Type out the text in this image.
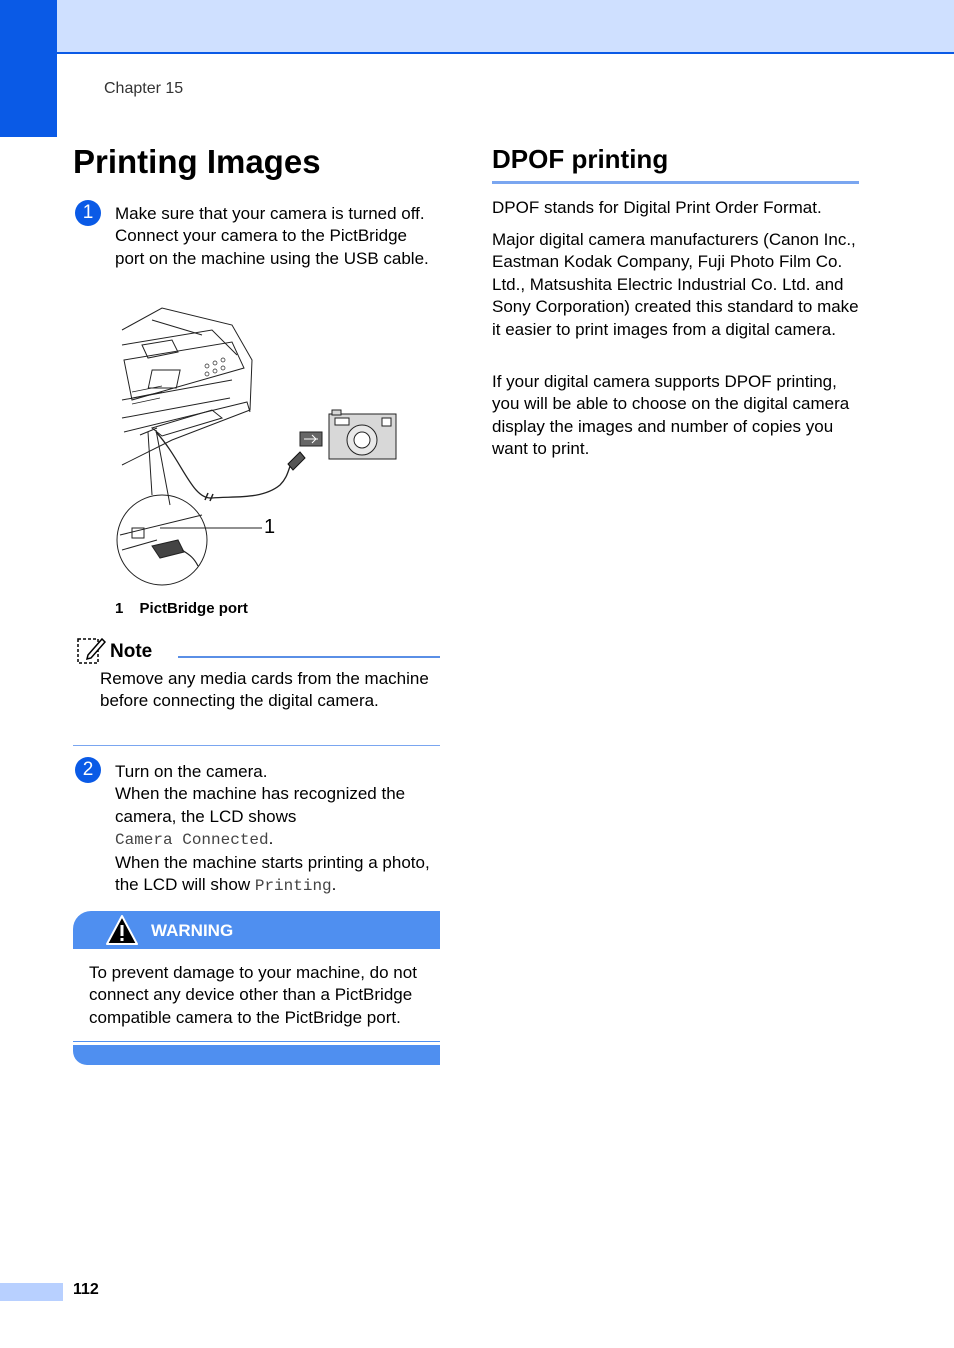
Chapter 15
Printing Images
1	Make sure that your camera is turned off. Connect your camera to the PictBridge port on the machine using the USB cable.
1
1 PictBridge port
Note
Remove any media cards from the machine before connecting the digital camera.
2	Turn on the camera.
When the machine has recognized the camera, the LCD shows
Camera Connected.
When the machine starts printing a photo, the LCD will show Printing.
WARNING
To prevent damage to your machine, do not connect any device other than a PictBridge compatible camera to the PictBridge port.
DPOF printing
DPOF stands for Digital Print Order Format.
Major digital camera manufacturers (Canon Inc., Eastman Kodak Company, Fuji Photo Film Co. Ltd., Matsushita Electric Industrial Co. Ltd. and Sony Corporation) created this standard to make it easier to print images from a digital camera.
If your digital camera supports DPOF printing, you will be able to choose on the digital camera display the images and number of copies you want to print.
112
